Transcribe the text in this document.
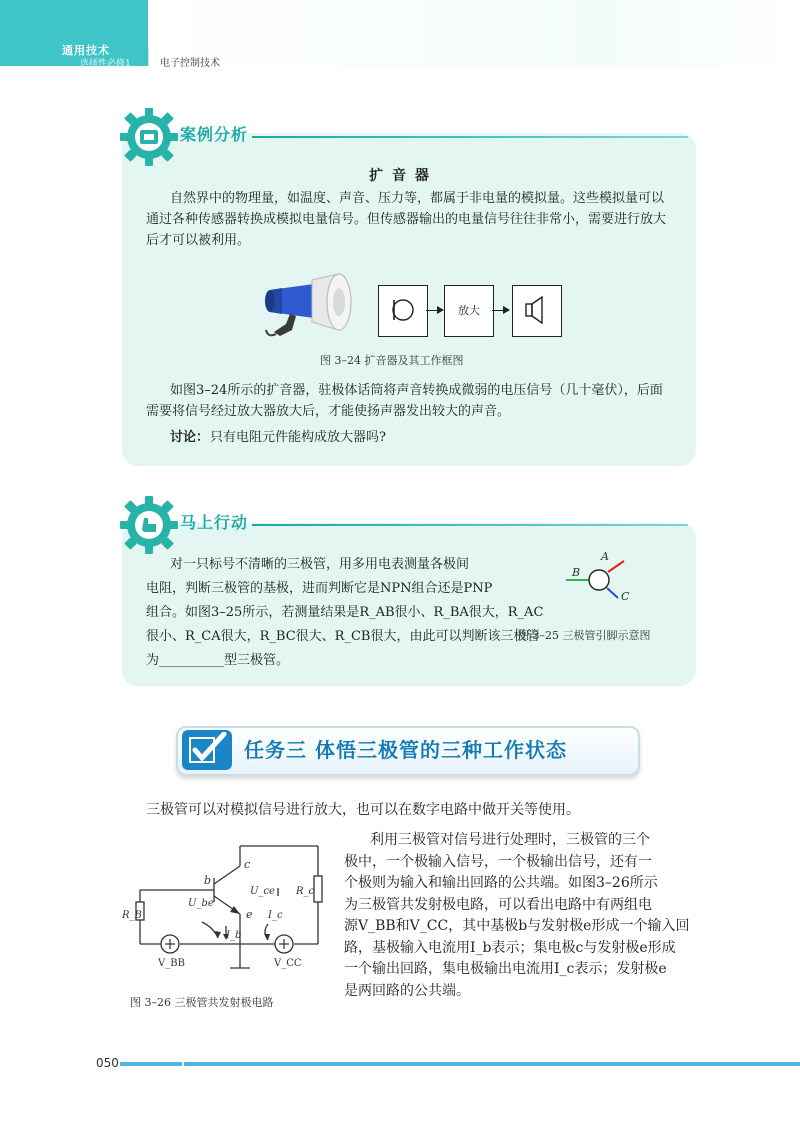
通用技术
选择性必修1	电子控制技术
案例分析
扩 音 器
自然界中的物理量，如温度、声音、压力等，都属于非电量的模拟量。这些模拟量可以
通过各种传感器转换成模拟电量信号。但传感器输出的电量信号往往非常小，需要进行放大
后才可以被利用。
放大
图 3–24 扩音器及其工作框图
如图3–24所示的扩音器，驻极体话筒将声音转换成微弱的电压信号（几十毫伏），后面
需要将信号经过放大器放大后，才能使扬声器发出较大的声音。
讨论： 只有电阻元件能构成放大器吗?
马上行动
对一只标号不清晰的三极管，用多用电表测量各极间
电阻，判断三极管的基极，进而判断它是NPN组合还是PNP
组合。如图3–25所示，若测量结果是R_AB很小、R_BA很大，R_AC
很小、R_CA很大，R_BC很大、R_CB很大，由此可以判断该三极管
为__________型三极管。
A
B
C
图 3–25 三极管引脚示意图
任务三 体悟三极管的三种工作状态
三极管可以对模拟信号进行放大，也可以在数字电路中做开关等使用。
利用三极管对信号进行处理时，三极管的三个
极中，一个极输入信号，一个极输出信号，还有一
个极则为输入和输出回路的公共端。如图3–26所示
为三极管共发射极电路，可以看出电路中有两组电
源V_BB和V_CC，其中基极b与发射极e形成一个输入回
路，基极输入电流用I_b表示；集电极c与发射极e形成
一个输出回路，集电极输出电流用I_c表示；发射极e
是两回路的公共端。
b
c
e
U_be
U_ce R_c
R_B
I_b
I_c
V_BB	V_CC
图 3–26 三极管共发射极电路
050
